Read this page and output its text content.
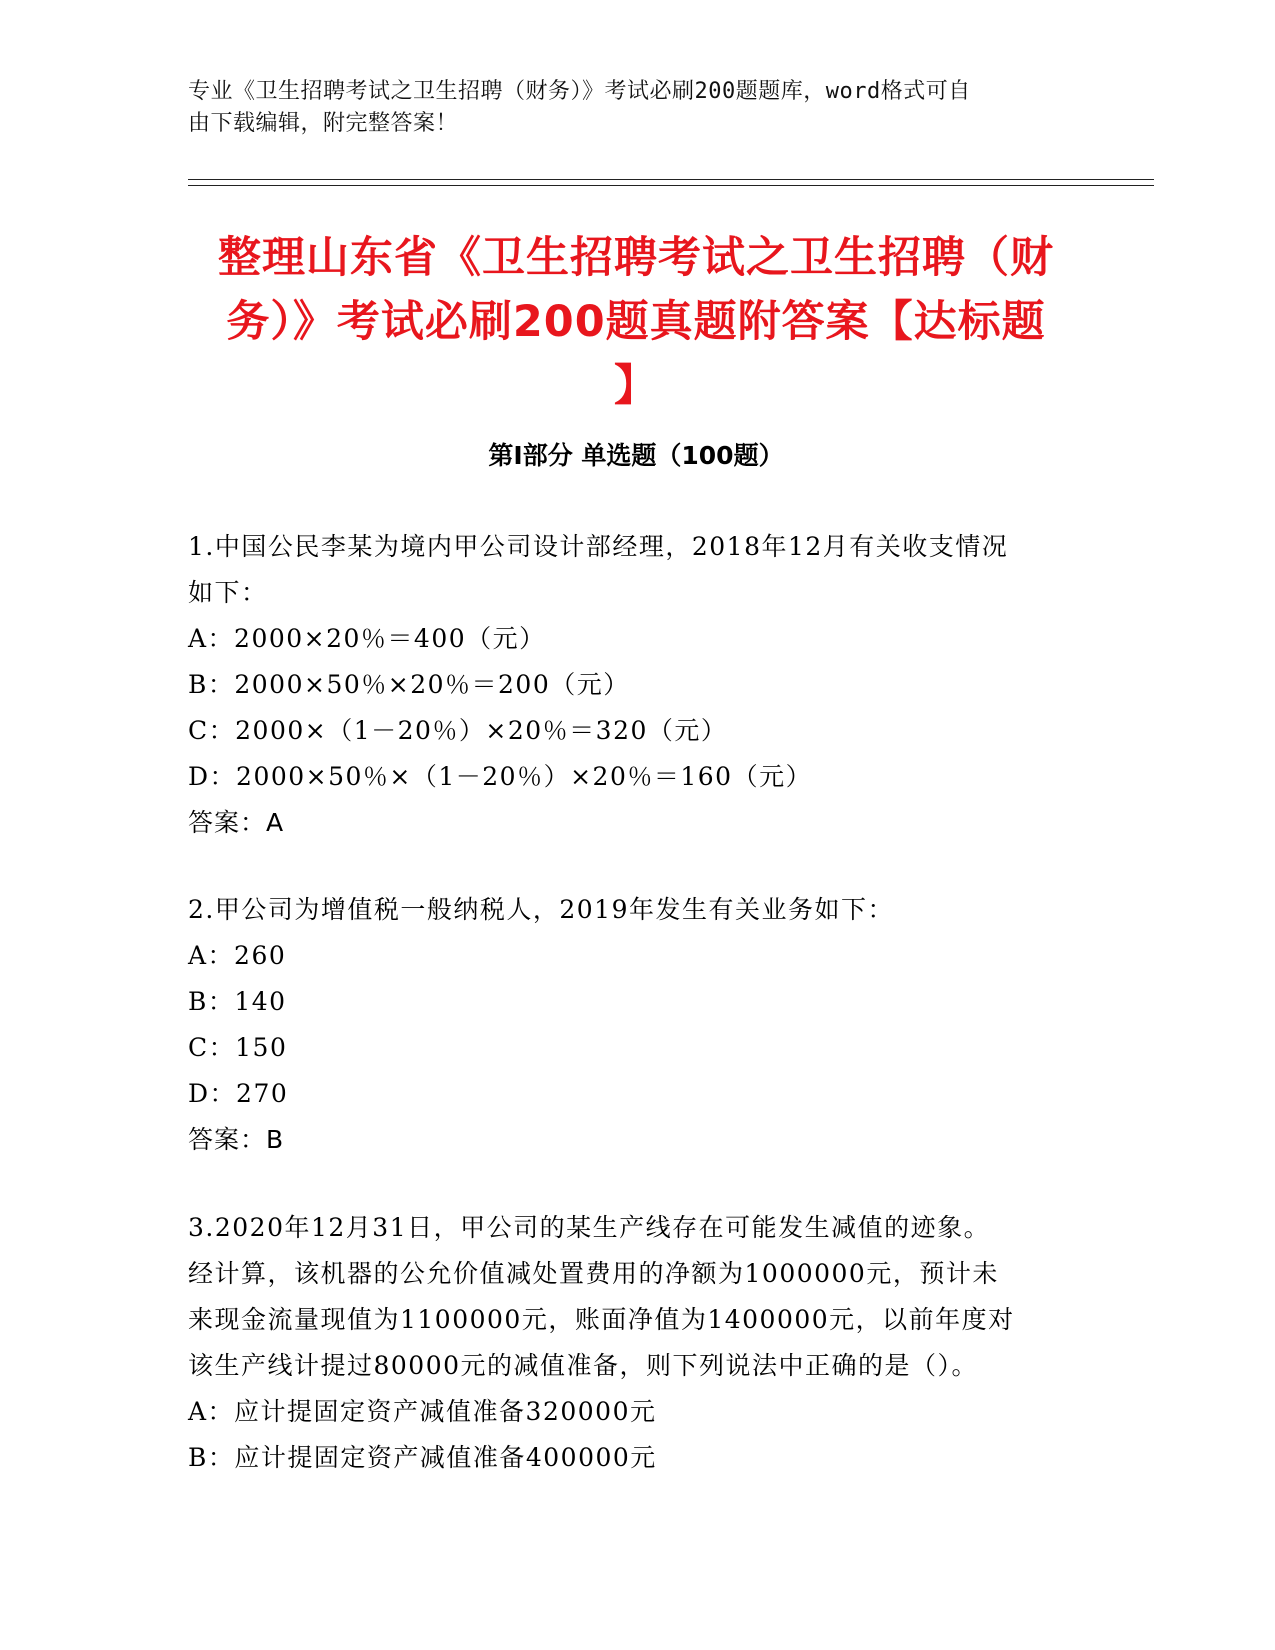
专业《卫生招聘考试之卫生招聘（财务）》考试必刷200题题库，word格式可自
由下载编辑，附完整答案！
整理山东省《卫生招聘考试之卫生招聘（财
务）》考试必刷200题真题附答案【达标题
】
第I部分 单选题（100题）
1.中国公民李某为境内甲公司设计部经理，2018年12月有关收支情况
如下：
A：2000×20％＝400（元）
B：2000×50％×20％＝200（元）
C：2000×（1－20％）×20％＝320（元）
D：2000×50％×（1－20％）×20％＝160（元）
答案：A
2.甲公司为增值税一般纳税人，2019年发生有关业务如下：
A：260
B：140
C：150
D：270
答案：B
3.2020年12月31日，甲公司的某生产线存在可能发生减值的迹象。
经计算，该机器的公允价值减处置费用的净额为1000000元，预计未
来现金流量现值为1100000元，账面净值为1400000元，以前年度对
该生产线计提过80000元的减值准备，则下列说法中正确的是（）。
A：应计提固定资产减值准备320000元
B：应计提固定资产减值准备400000元
